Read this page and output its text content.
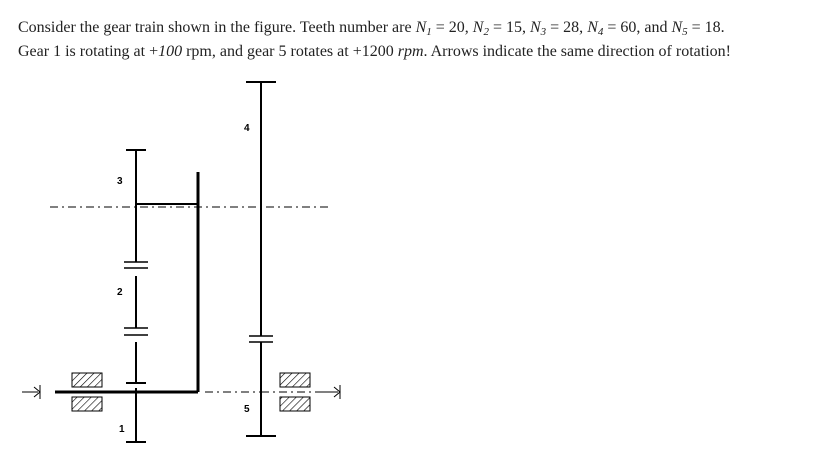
Consider the gear train shown in the figure. Teeth number are $N_1 = 20$, $N_2 = 15$, $N_3 = 28$, $N_4 = 60$, and $N_5 = 18$.
Gear 1 is rotating at +100 rpm, and gear 5 rotates at +1200 rpm. Arrows indicate the same direction of rotation!
3
2
1
4
5
